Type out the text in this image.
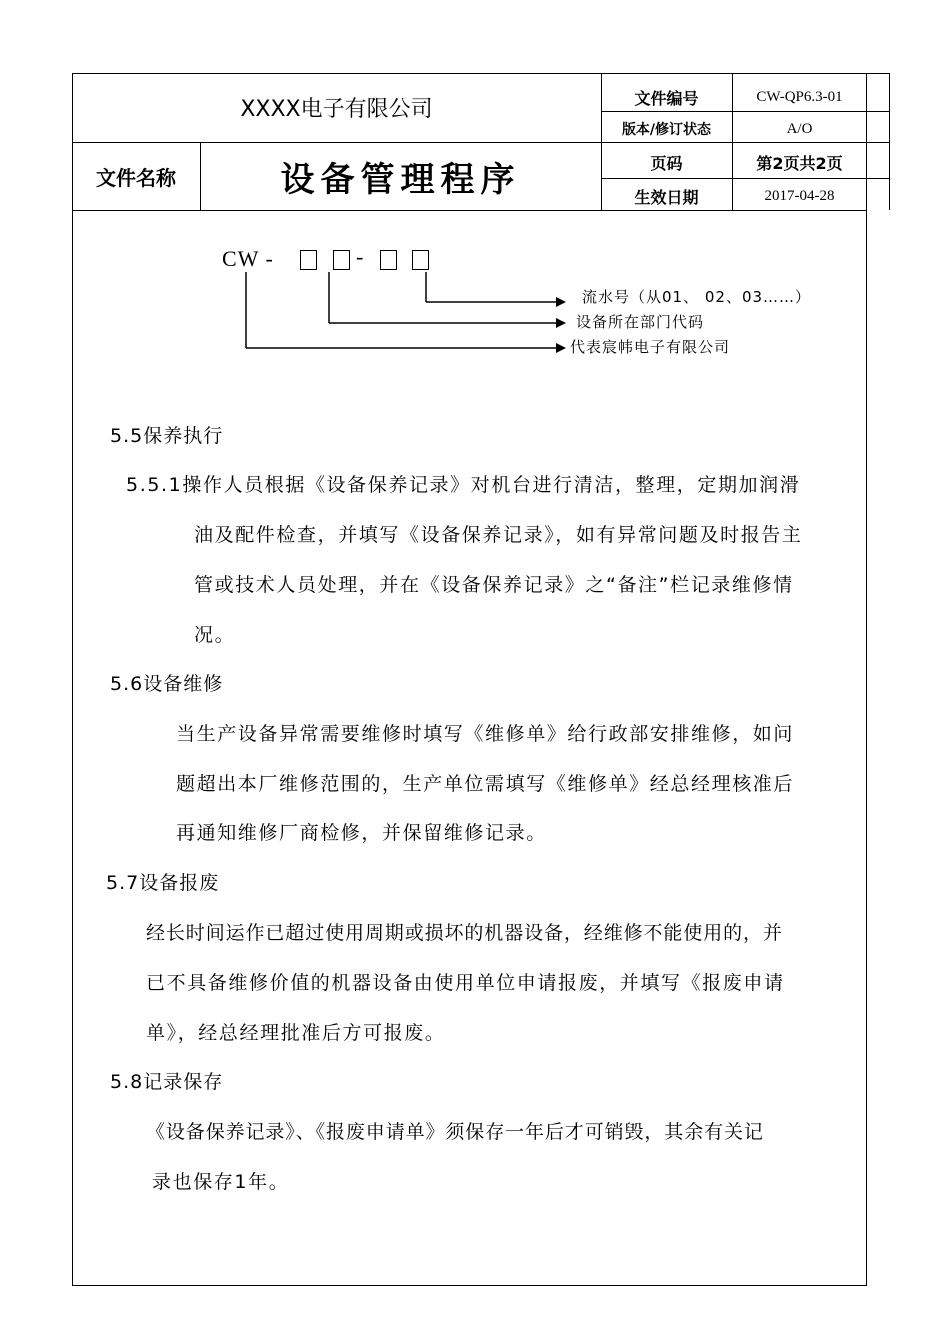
XXXX电子有限公司	文件编号	CW-QP6.3-01
版本/修订状态	A/O
文件名称	设备管理程序	页码	第2页共2页
生效日期	2017-04-28
CW -	-
流水号（从01、 02、03……）
设备所在部门代码
代表宸帏电子有限公司
5.5保养执行
5.5.1操作人员根据《设备保养记录》对机台进行清洁，整理，定期加润滑
油及配件检查，并填写《设备保养记录》，如有异常问题及时报告主
管或技术人员处理，并在《设备保养记录》之“备注”栏记录维修情
况。
5.6设备维修
当生产设备异常需要维修时填写《维修单》给行政部安排维修，如问
题超出本厂维修范围的，生产单位需填写《维修单》经总经理核准后
再通知维修厂商检修，并保留维修记录。
5.7设备报废
经长时间运作已超过使用周期或损坏的机器设备，经维修不能使用的，并
已不具备维修价值的机器设备由使用单位申请报废，并填写《报废申请
单》，经总经理批准后方可报废。
5.8记录保存
《设备保养记录》、《报废申请单》须保存一年后才可销毁，其余有关记
录也保存1年。
